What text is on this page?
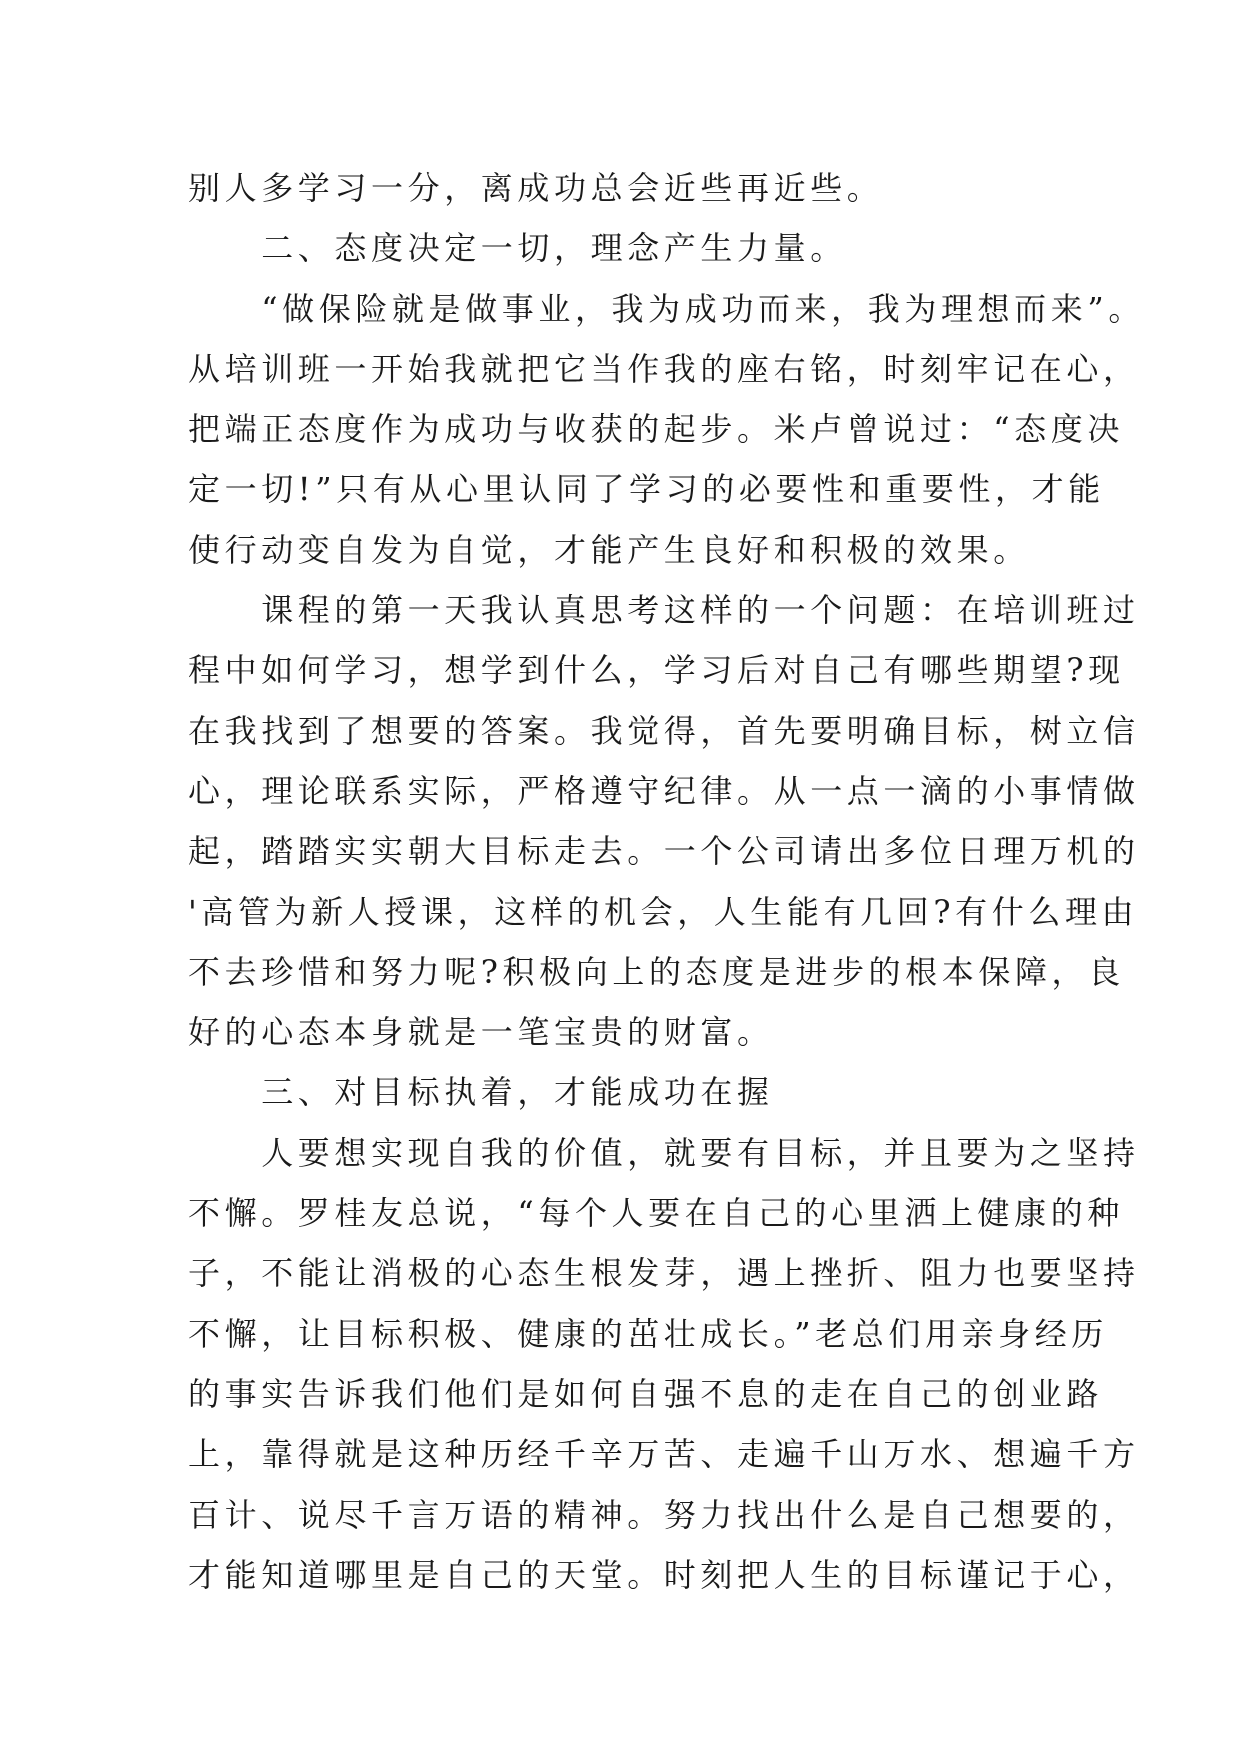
别人多学习一分，离成功总会近些再近些。
　　二、态度决定一切，理念产生力量。
　　“做保险就是做事业，我为成功而来，我为理想而来”。
从培训班一开始我就把它当作我的座右铭，时刻牢记在心，
把端正态度作为成功与收获的起步。米卢曾说过：“态度决
定一切!”只有从心里认同了学习的必要性和重要性，才能
使行动变自发为自觉，才能产生良好和积极的效果。
　　课程的第一天我认真思考这样的一个问题：在培训班过
程中如何学习，想学到什么，学习后对自己有哪些期望?现
在我找到了想要的答案。我觉得，首先要明确目标，树立信
心，理论联系实际，严格遵守纪律。从一点一滴的小事情做
起，踏踏实实朝大目标走去。一个公司请出多位日理万机的
'高管为新人授课，这样的机会，人生能有几回?有什么理由
不去珍惜和努力呢?积极向上的态度是进步的根本保障，良
好的心态本身就是一笔宝贵的财富。
　　三、对目标执着，才能成功在握
　　人要想实现自我的价值，就要有目标，并且要为之坚持
不懈。罗桂友总说，“每个人要在自己的心里洒上健康的种
子，不能让消极的心态生根发芽，遇上挫折、阻力也要坚持
不懈，让目标积极、健康的茁壮成长。”老总们用亲身经历
的事实告诉我们他们是如何自强不息的走在自己的创业路
上，靠得就是这种历经千辛万苦、走遍千山万水、想遍千方
百计、说尽千言万语的精神。努力找出什么是自己想要的，
才能知道哪里是自己的天堂。时刻把人生的目标谨记于心，
